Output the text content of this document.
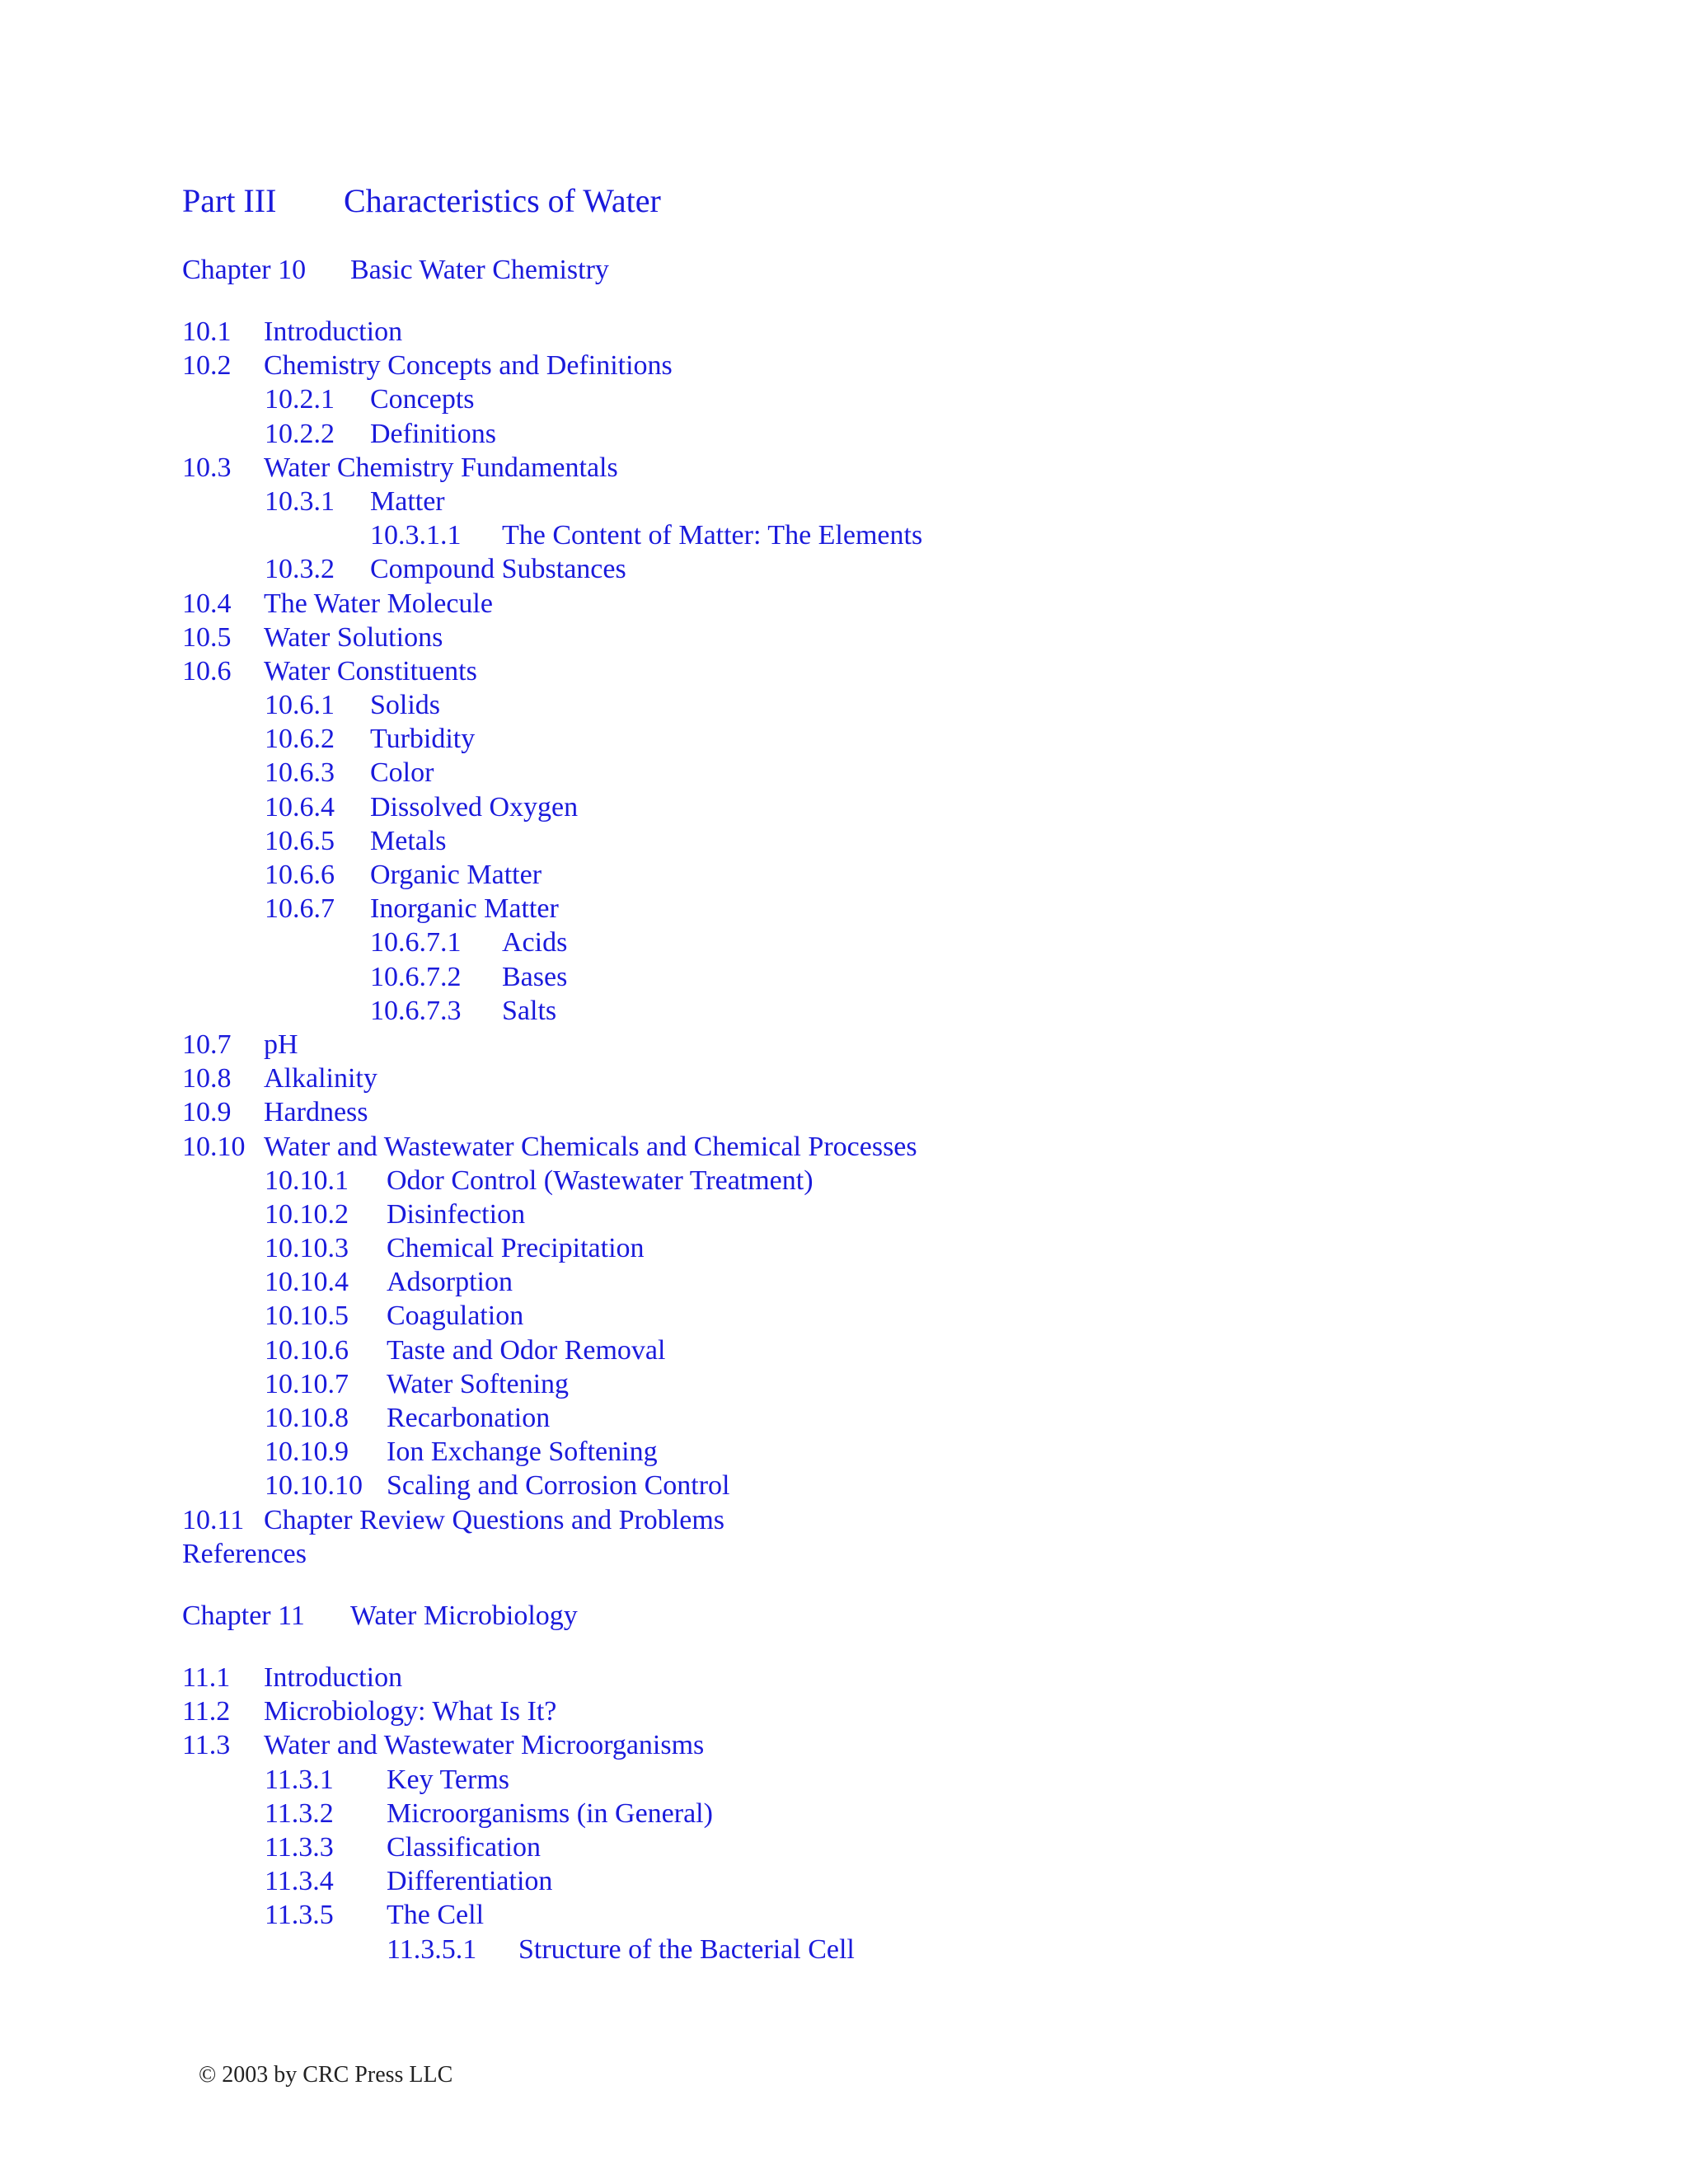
Part III Characteristics of Water
Chapter 10 Basic Water Chemistry
10.1 Introduction
10.2 Chemistry Concepts and Definitions
10.2.1 Concepts
10.2.2 Definitions
10.3 Water Chemistry Fundamentals
10.3.1 Matter
10.3.1.1 The Content of Matter: The Elements
10.3.2 Compound Substances
10.4 The Water Molecule
10.5 Water Solutions
10.6 Water Constituents
10.6.1 Solids
10.6.2 Turbidity
10.6.3 Color
10.6.4 Dissolved Oxygen
10.6.5 Metals
10.6.6 Organic Matter
10.6.7 Inorganic Matter
10.6.7.1 Acids
10.6.7.2 Bases
10.6.7.3 Salts
10.7 pH
10.8 Alkalinity
10.9 Hardness
10.10 Water and Wastewater Chemicals and Chemical Processes
10.10.1 Odor Control (Wastewater Treatment)
10.10.2 Disinfection
10.10.3 Chemical Precipitation
10.10.4 Adsorption
10.10.5 Coagulation
10.10.6 Taste and Odor Removal
10.10.7 Water Softening
10.10.8 Recarbonation
10.10.9 Ion Exchange Softening
10.10.10 Scaling and Corrosion Control
10.11 Chapter Review Questions and Problems
References
Chapter 11 Water Microbiology
11.1 Introduction
11.2 Microbiology: What Is It?
11.3 Water and Wastewater Microorganisms
11.3.1 Key Terms
11.3.2 Microorganisms (in General)
11.3.3 Classification
11.3.4 Differentiation
11.3.5 The Cell
11.3.5.1 Structure of the Bacterial Cell
© 2003 by CRC Press LLC
